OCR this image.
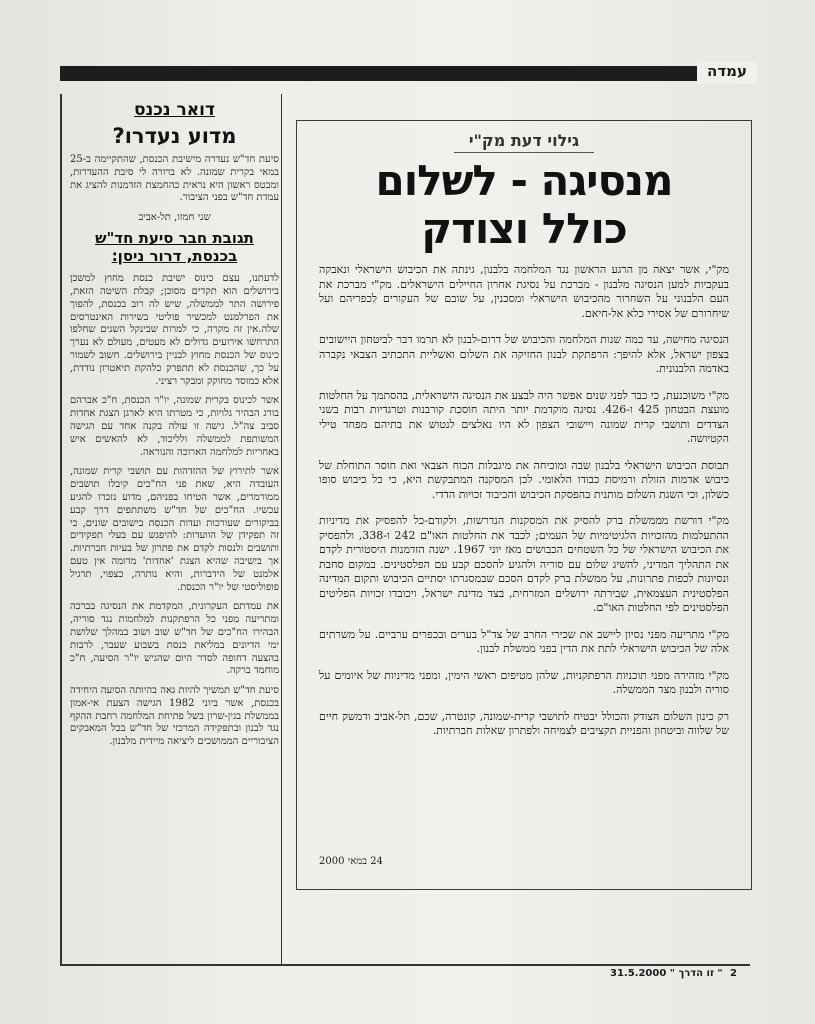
עמדה
דואר נכנס
מדוע נעדרו?

סיעת חד"ש נעדרה מישיבת הכנסת, שהתקיימה ב-25 במאי בקרית שמונה. לא ברורה לי סיבת ההעדרות, ומבטס ראשון היא נראית כהחמצת הזדמנות להציג את עמדת חד"ש בפני הציבור.

שני חמזו, תל-אביב
תגובת חבר סיעת חד"ש בכנסת, דרור ניסן:

לדעתנו, עצם כינוס ישיבת כנסת מחוץ למשכן בירושלים הוא תקדים מסוכן; קבלת השיטה הזאת, פירושה התר לממשלה, שיש לה רוב בכנסת, להפוך את הפרלמנט למכשיר פוליטי בשירות האינטרסים שלה.אין זה מקרה, כי למרות שבינקל השנים שחלפו התרחשו אירועים גדולים לא מעטים, מעולם לא נערך כינוס של הכנסת מחוץ לבניין בירושלים. חשוב לשמור על כך, שהכנסת לא תתפרק כלהקת תיאטרון נודדת, אלא כמוסד מחוקק ומבקר רציני.

אשר לכינוס בקרית שמונה, יו"ר הכנסת, ח"כ אברהם בורג הבהיר גלויות, כי מטרתו היא לארגן הצגת אחדות סביב צה"ל. גישה זו עולה בקנה אחד עם הגישה המשותפת לממשלה ולליכוד, לא להאשים איש באחריות למלחמה הארוכה והנוראה.

אשר לתירוץ של ההזדהות עם תושבי קרית שמונה, העובדה היא, שאת פני הח"כים קיבלו תושבים ממורמרים, אשר הטיחו בפניהם, מדוע נזכרו להגיע עכשיו. הח"כים של חד"ש משתתפים דרך קבע בביקורים שעורכות ועדות הכנסת בישובים שונים, כי זה תפקידן של הוועדות: להיפגש עם בעלי תפקידים ותושבים ולנסות לקדם את פתרון של בעיות חברתיות. אך בישיבה שהיא הצגת 'אחדות' מדומה אין טעם אלמנט של הידברות, והיא נותרה, כצפוי, תרגיל פופוליסטי של יו"ר הכנסת.

את עמדתם העקרונית, המקדמת את הנסיגה בברכה ומתריעה מפני כל הרפתקנות למלחמות נגד סוריה, הבהירו הח"כים של חד"ש שוב ושוב במהלך שלושת ימי הדיונים במליאת כנסת בשבוע שעבר, לרבות בהצעה דחופה לסדר היום שהגיש יו"ר הסיעה, ח"כ מוחמד ברקה.

סיעת חד"ש תמשיך להיות גאה בהיותה הסיעה היחידה בכנסת, אשר ביוני 1982 הגישה הצעת אי-אמון בממשלת בגין-שרון בשל פתיחת המלחמה רחבת ההקף נגד לבנון ובתפקידה המרכזי של חד"ש בכל המאבקים הציבוריים הממושכים ליציאה מיידית מלבנון.

גילוי דעת מק"י
מנסיגה - לשלום
כולל וצודק

מק"י, אשר יצאה מן הרגע הראשון נגד המלחמה בלבנון, גינתה את הכיבוש הישראלי ונאבקה בעקביות למען הנסיגה מלבנון - מברכת על נסיגת אחרון החיילים הישראלים. מק"י מברכת את העם הלבנוני על השחרור מהכיבוש הישראלי ומסכנין, על שובם של העקורים לכפריהם ועל שיחרורם של אסירי כלא אל-חיאם.

הנסיגה מחישה, עד כמה שנות המלחמה והכיבוש של דרום-לבנון לא תרמו דבר לביטחון היישובים בצפון ישראל, אלא להיפך: הרפתקת לבנון החזיקה את השלום ואשליית התכתיב הצבאי נקברה באדמה הלבנונית.

מק"י משוכנעת, כי כבר לפני שנים אפשר היה לבצע את הנסיגה הישראלית, בהסתמך על החלטות מועצת הבטחון 425 ו-426. נסיגה מוקדמת יותר היתה חוסכת קורבנות וטרגדיות רבות בשני הצדדים ותושבי קרית שמונה ויישובי הצפון לא היו נאלצים לנטוש את בתיהם מפחד טילי הקטיושה.

תבוסת הכיבוש הישראלי בלבנון שבה ומוכיחה את מיגבלות הכוח הצבאי ואת חוסר התוחלת של כיבוש אדמות הזולת ורמיסת כבודו הלאומי. לכן המסקנה המתבקשת היא, כי כל כיבוש סופו כשלון, וכי השגת השלום מותנית בהפסקת הכיבוש והכיבוד זכויות הדדי.

מק"י דורשת מממשלת ברק להסיק את המסקנות הנדרשות, ולקודם-כל להפסיק את מדיניות ההתעלמות מהזכויות הלגיטימיות של העמים; לכבד את החלטות האו"ם 242 ו-338, ולהפסיק את הכיבוש הישראלי של כל השטחים הכבושים מאז יוני 1967. ישנה הזדמנות היסטורית לקדם את התהליך המדיני, להשיג שלום עם סוריה ולהגיע להסכם קבע עם הפלסטינים. במקום סחבת ונסיונות לכפות פתרונות, על ממשלת ברק לקדם הסכם שבמסגרתו יסתיים הכיבוש ותקום המדינה הפלסטינית העצמאית, שבירתה ירושלים המזרחית, בצד מדינת ישראל, ויכובדו זכויות הפליטים הפלסטינים לפי החלטות האו"ם.

מק"י מתריעה מפני נסיון ליישב את שכירי החרב של צד"ל בערים ובכפרים ערביים. על משרתים אלה של הכיבוש הישראלי לתת את הדין בפני ממשלת לבנון.

מק"י מזהירה מפני תוכניות הרפתקניות, שלהן מטיפים ראשי הימין, ומפני מדיניות של איומים על סוריה ולבנון מצד הממשלה.

רק כינון השלום הצודק והכולל יבטיח לתושבי קרית-שמונה, קונטרה, שכם, תל-אביב ודמשק חיים של שלווה וביטחון והפניית תקציבים לצמיחה ולפתרון שאלות חברתיות.

24 במאי 2000
31.5.2000 " זו הדרך " 2
